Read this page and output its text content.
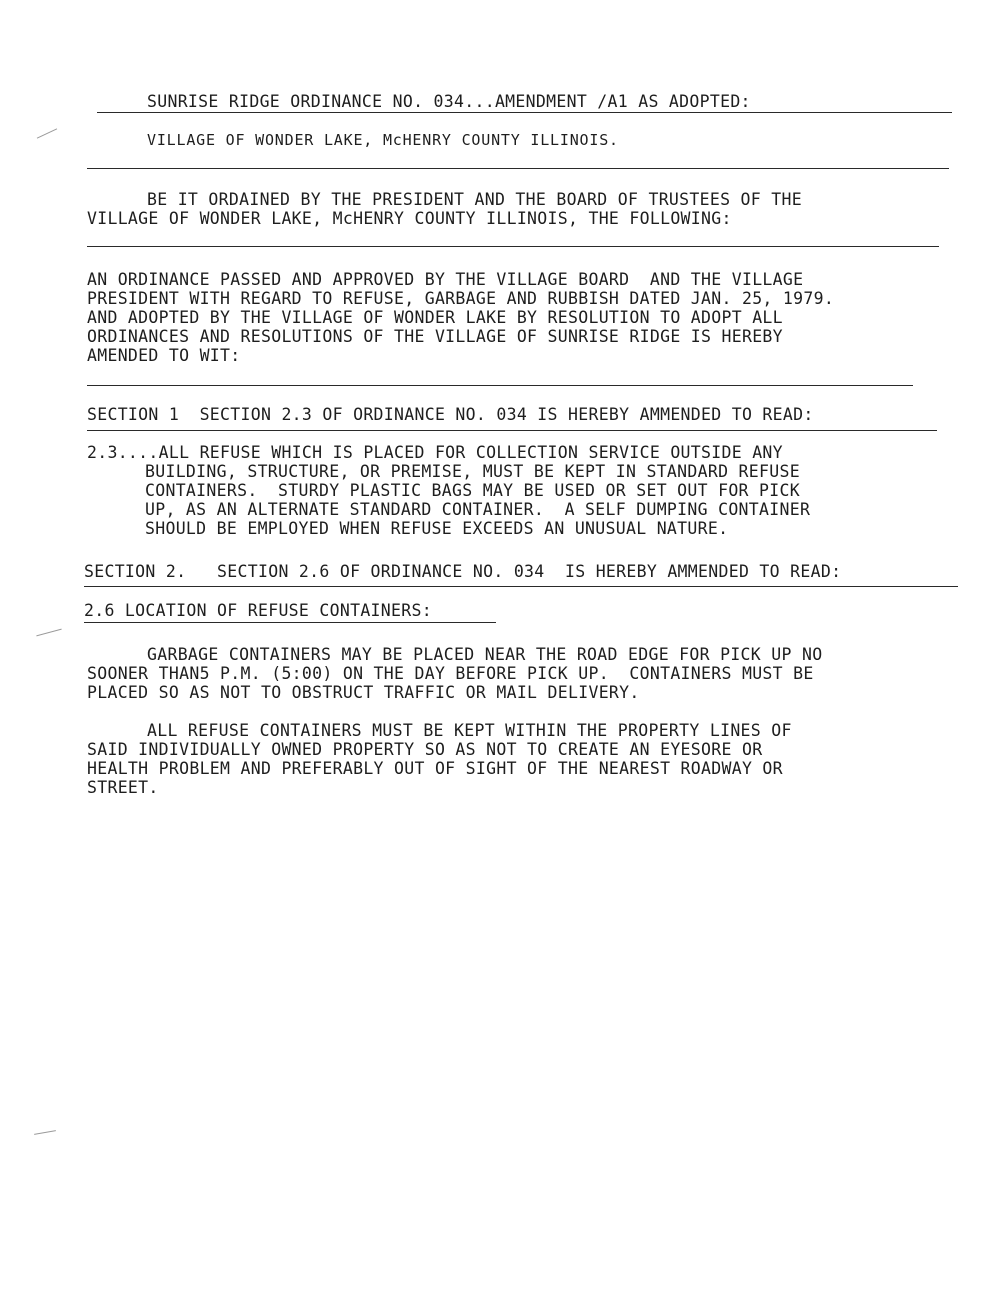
SUNRISE RIDGE ORDINANCE NO. 034...AMENDMENT /A1 AS ADOPTED:
VILLAGE OF WONDER LAKE, McHENRY COUNTY ILLINOIS.
BE IT ORDAINED BY THE PRESIDENT AND THE BOARD OF TRUSTEES OF THE
VILLAGE OF WONDER LAKE, McHENRY COUNTY ILLINOIS, THE FOLLOWING:
AN ORDINANCE PASSED AND APPROVED BY THE VILLAGE BOARD  AND THE VILLAGE
PRESIDENT WITH REGARD TO REFUSE, GARBAGE AND RUBBISH DATED JAN. 25, 1979.
AND ADOPTED BY THE VILLAGE OF WONDER LAKE BY RESOLUTION TO ADOPT ALL
ORDINANCES AND RESOLUTIONS OF THE VILLAGE OF SUNRISE RIDGE IS HEREBY
AMENDED TO WIT:
SECTION 1  SECTION 2.3 OF ORDINANCE NO. 034 IS HEREBY AMMENDED TO READ:
2.3....ALL REFUSE WHICH IS PLACED FOR COLLECTION SERVICE OUTSIDE ANY
BUILDING, STRUCTURE, OR PREMISE, MUST BE KEPT IN STANDARD REFUSE
CONTAINERS.  STURDY PLASTIC BAGS MAY BE USED OR SET OUT FOR PICK
UP, AS AN ALTERNATE STANDARD CONTAINER.  A SELF DUMPING CONTAINER
SHOULD BE EMPLOYED WHEN REFUSE EXCEEDS AN UNUSUAL NATURE.
SECTION 2.   SECTION 2.6 OF ORDINANCE NO. 034  IS HEREBY AMMENDED TO READ:
2.6 LOCATION OF REFUSE CONTAINERS:
GARBAGE CONTAINERS MAY BE PLACED NEAR THE ROAD EDGE FOR PICK UP NO
SOONER THAN5 P.M. (5:00) ON THE DAY BEFORE PICK UP.  CONTAINERS MUST BE
PLACED SO AS NOT TO OBSTRUCT TRAFFIC OR MAIL DELIVERY.
ALL REFUSE CONTAINERS MUST BE KEPT WITHIN THE PROPERTY LINES OF
SAID INDIVIDUALLY OWNED PROPERTY SO AS NOT TO CREATE AN EYESORE OR
HEALTH PROBLEM AND PREFERABLY OUT OF SIGHT OF THE NEAREST ROADWAY OR
STREET.
